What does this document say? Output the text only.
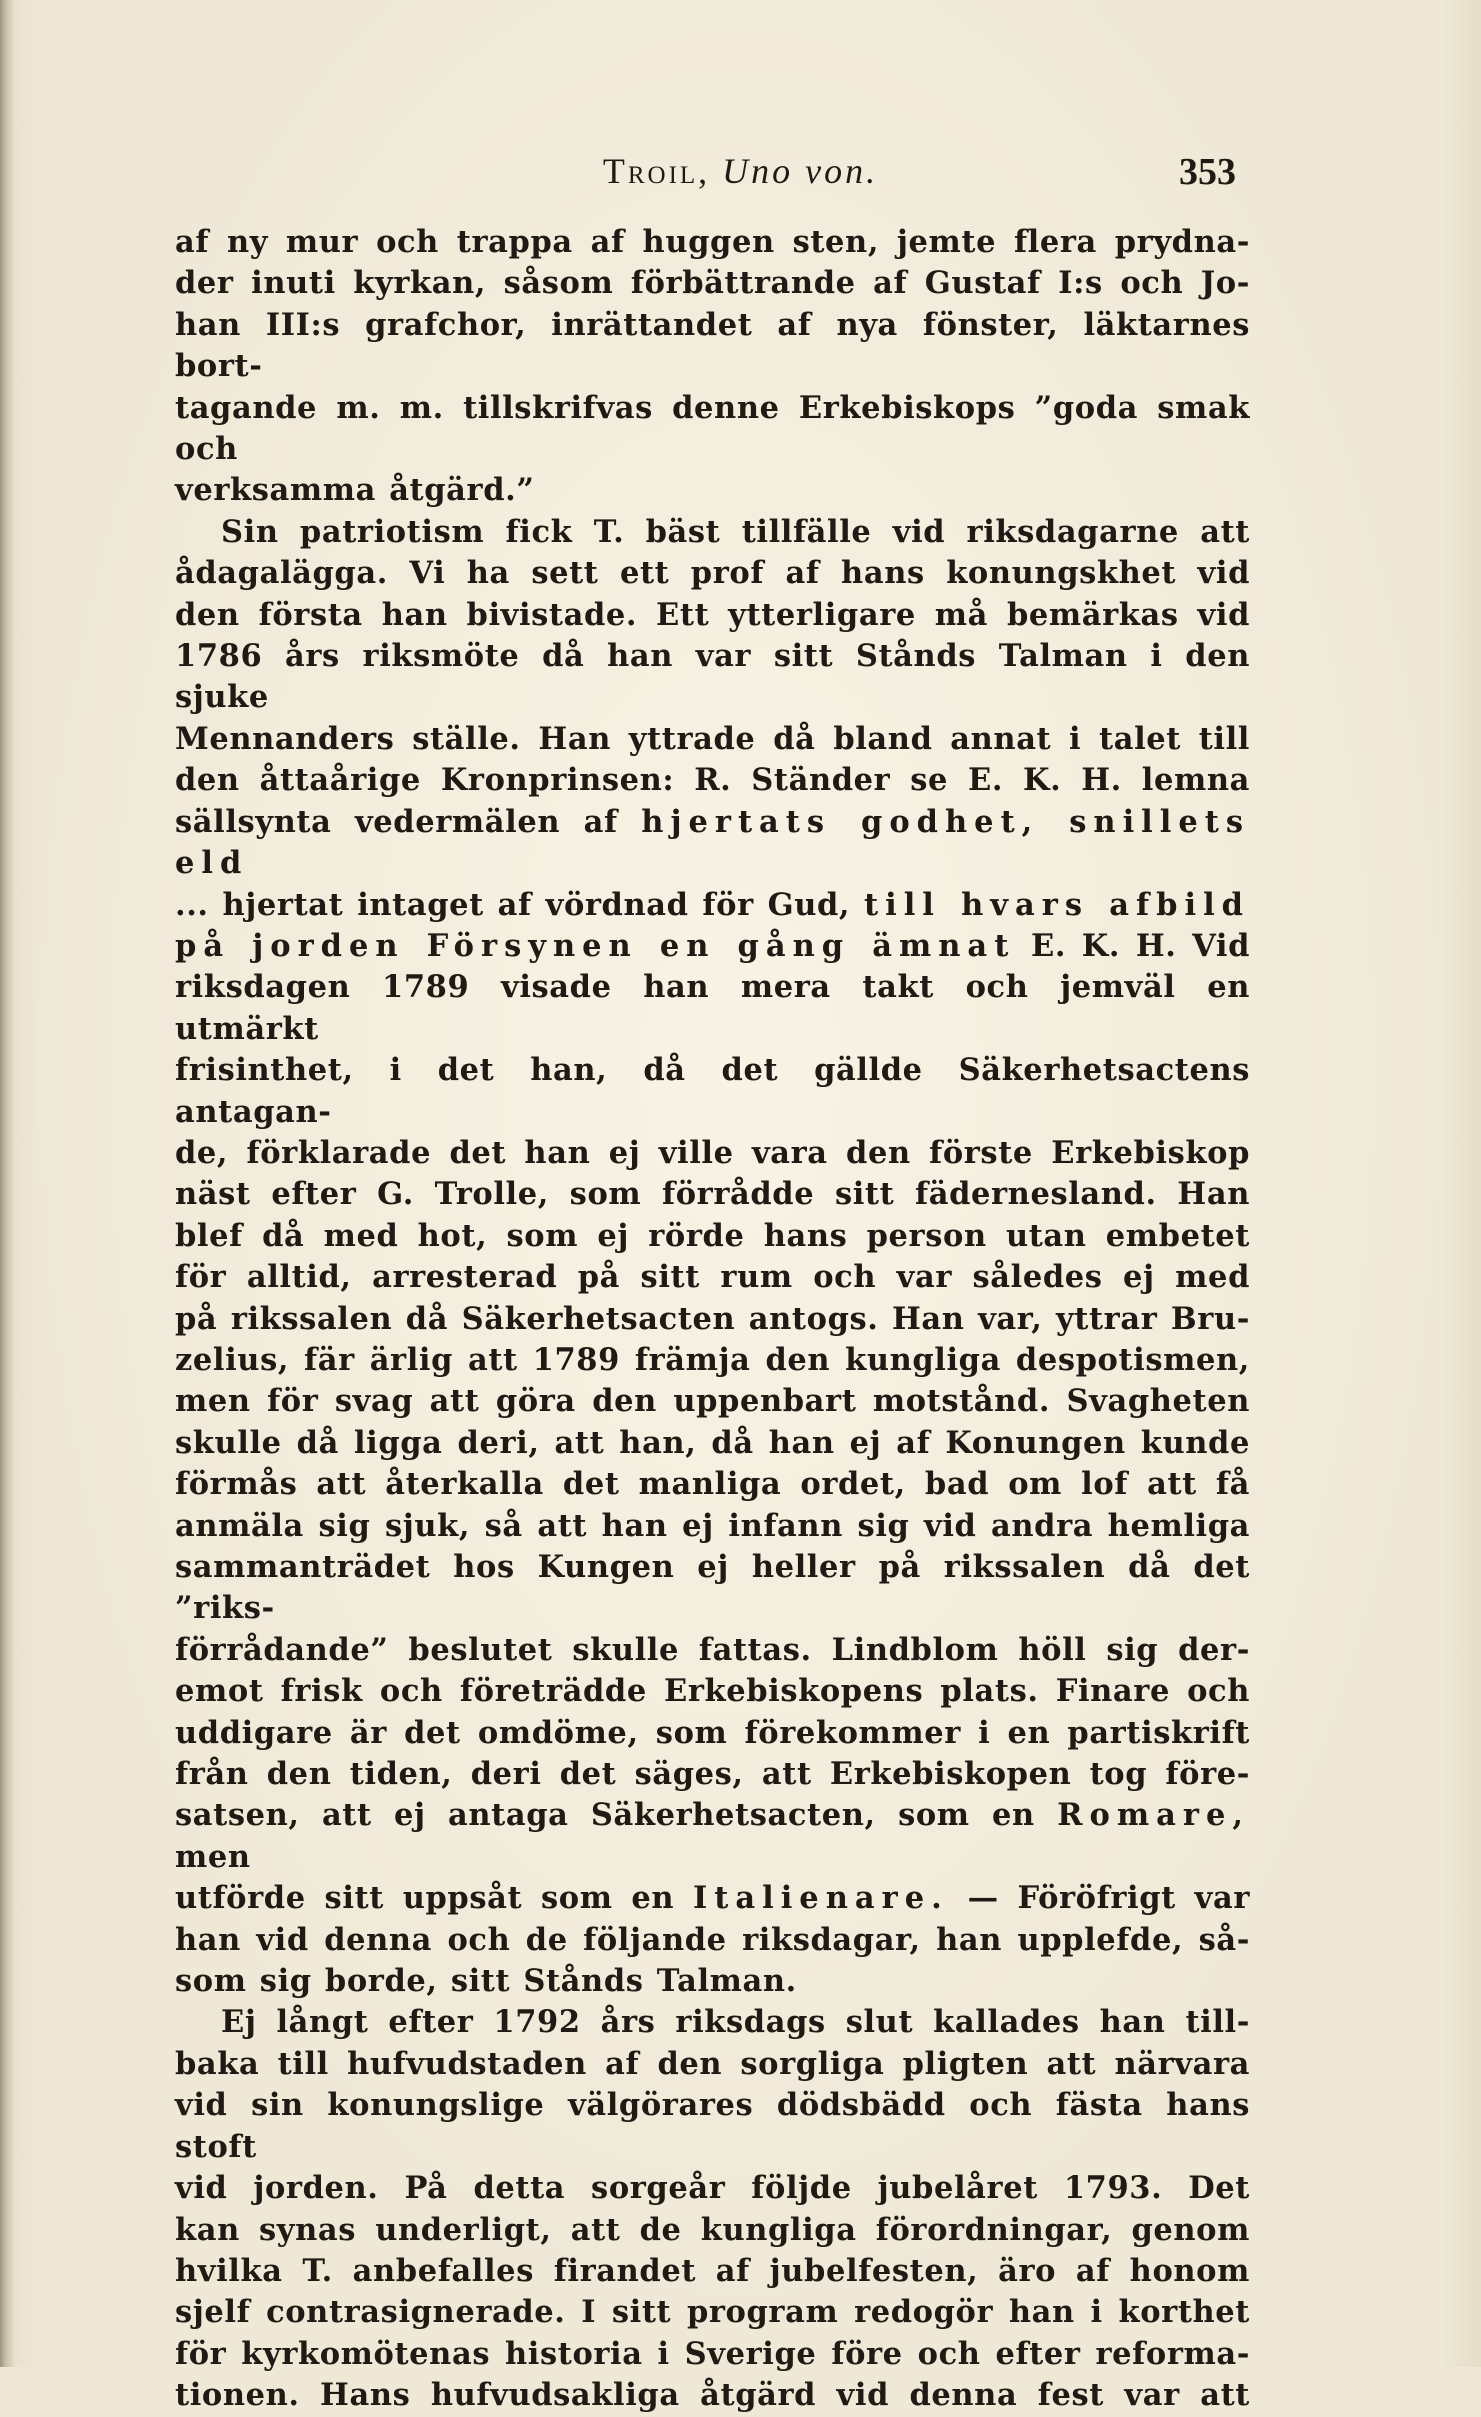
Troil, Uno von.	353

af ny mur och trappa af huggen sten, jemte flera prydna-

der inuti kyrkan, såsom förbättrande af Gustaf I:s och Jo-

han III:s grafchor, inrättandet af nya fönster, läktarnes bort-

tagande m. m. tillskrifvas denne Erkebiskops ”goda smak och

verksamma åtgärd.”

Sin patriotism fick T. bäst tillfälle vid riksdagarne att

ådagalägga. Vi ha sett ett prof af hans konungskhet vid

den första han bivistade. Ett ytterligare må bemärkas vid

1786 års riksmöte då han var sitt Stånds Talman i den sjuke

Mennanders ställe. Han yttrade då bland annat i talet till

den åttaårige Kronprinsen: R. Ständer se E. K. H. lemna

sällsynta vedermälen af hjertats godhet, snillets eld

... hjertat intaget af vördnad för Gud, till hvars afbild

på jorden Försynen en gång ämnat E. K. H. Vid

riksdagen 1789 visade han mera takt och jemväl en utmärkt

frisinthet, i det han, då det gällde Säkerhetsactens antagan-

de, förklarade det han ej ville vara den förste Erkebiskop

näst efter G. Trolle, som förrådde sitt fädernesland. Han

blef då med hot, som ej rörde hans person utan embetet

för alltid, arresterad på sitt rum och var således ej med

på rikssalen då Säkerhetsacten antogs. Han var, yttrar Bru-

zelius, fär ärlig att 1789 främja den kungliga despotismen,

men för svag att göra den uppenbart motstånd. Svagheten

skulle då ligga deri, att han, då han ej af Konungen kunde

förmås att återkalla det manliga ordet, bad om lof att få

anmäla sig sjuk, så att han ej infann sig vid andra hemliga

sammanträdet hos Kungen ej heller på rikssalen då det ”riks-

förrådande” beslutet skulle fattas. Lindblom höll sig der-

emot frisk och företrädde Erkebiskopens plats. Finare och

uddigare är det omdöme, som förekommer i en partiskrift

från den tiden, deri det säges, att Erkebiskopen tog före-

satsen, att ej antaga Säkerhetsacten, som en Romare, men

utförde sitt uppsåt som en Italienare. — Föröfrigt var

han vid denna och de följande riksdagar, han upplefde, så-

som sig borde, sitt Stånds Talman.

Ej långt efter 1792 års riksdags slut kallades han till-

baka till hufvudstaden af den sorgliga pligten att närvara

vid sin konungslige välgörares dödsbädd och fästa hans stoft

vid jorden. På detta sorgeår följde jubelåret 1793. Det

kan synas underligt, att de kungliga förordningar, genom

hvilka T. anbefalles firandet af jubelfesten, äro af honom

sjelf contrasignerade. I sitt program redogör han i korthet

för kyrkomötenas historia i Sverige före och efter reforma-

tionen. Hans hufvudsakliga åtgärd vid denna fest var att
